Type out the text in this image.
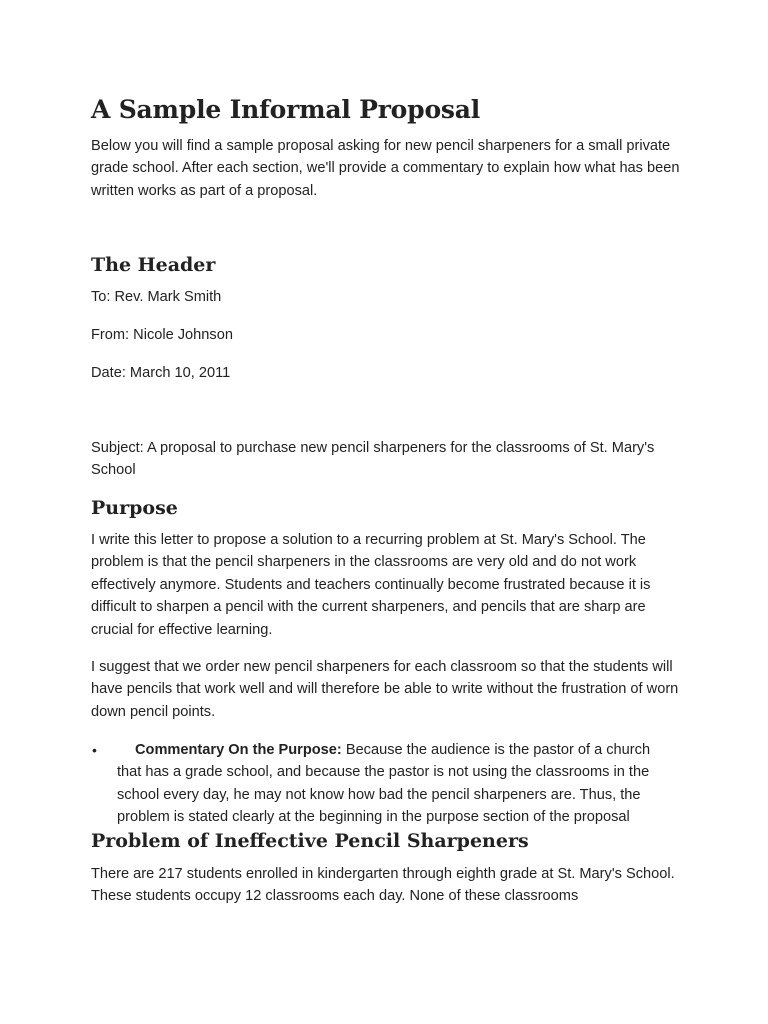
A Sample Informal Proposal

Below you will find a sample proposal asking for new pencil sharpeners for a small private grade school. After each section, we'll provide a commentary to explain how what has been written works as part of a proposal.

The Header

To: Rev. Mark Smith

From: Nicole Johnson

Date: March 10, 2011

Subject: A proposal to purchase new pencil sharpeners for the classrooms of St. Mary's School

Purpose

I write this letter to propose a solution to a recurring problem at St. Mary's School. The problem is that the pencil sharpeners in the classrooms are very old and do not work effectively anymore. Students and teachers continually become frustrated because it is difficult to sharpen a pencil with the current sharpeners, and pencils that are sharp are crucial for effective learning.

I suggest that we order new pencil sharpeners for each classroom so that the students will have pencils that work well and will therefore be able to write without the frustration of worn down pencil points.

•	Commentary On the Purpose: Because the audience is the pastor of a church that has a grade school, and because the pastor is not using the classrooms in the school every day, he may not know how bad the pencil sharpeners are. Thus, the problem is stated clearly at the beginning in the purpose section of the proposal

Problem of Ineffective Pencil Sharpeners

There are 217 students enrolled in kindergarten through eighth grade at St. Mary's School. These students occupy 12 classrooms each day. None of these classrooms
